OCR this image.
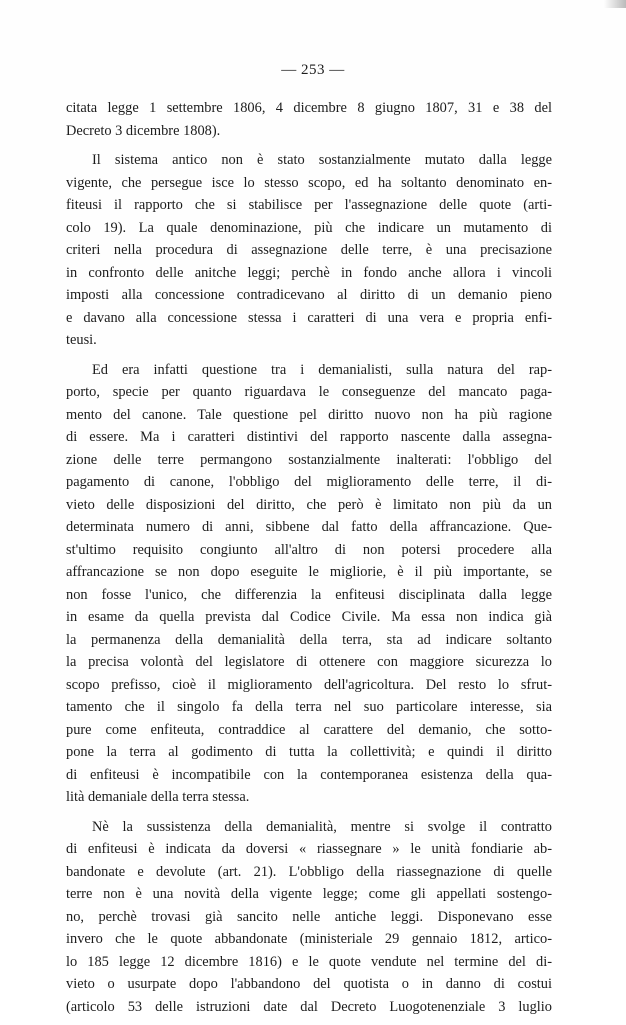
— 253 —
citata legge 1 settembre 1806, 4 dicembre 8 giugno 1807, 31 e 38 del
Decreto 3 dicembre 1808).
Il sistema antico non è stato sostanzialmente mutato dalla legge
vigente, che persegue isce lo stesso scopo, ed ha soltanto denominato en-
fiteusi il rapporto che si stabilisce per l'assegnazione delle quote (arti-
colo 19). La quale denominazione, più che indicare un mutamento di
criteri nella procedura di assegnazione delle terre, è una precisazione
in confronto delle anitche leggi; perchè in fondo anche allora i vincoli
imposti alla concessione contradicevano al diritto di un demanio pieno
e davano alla concessione stessa i caratteri di una vera e propria enfi-
teusi.
Ed era infatti questione tra i demanialisti, sulla natura del rap-
porto, specie per quanto riguardava le conseguenze del mancato paga-
mento del canone. Tale questione pel diritto nuovo non ha più ragione
di essere. Ma i caratteri distintivi del rapporto nascente dalla assegna-
zione delle terre permangono sostanzialmente inalterati: l'obbligo del
pagamento di canone, l'obbligo del miglioramento delle terre, il di-
vieto delle disposizioni del diritto, che però è limitato non più da un
determinata numero di anni, sibbene dal fatto della affrancazione. Que-
st'ultimo requisito congiunto all'altro di non potersi procedere alla
affrancazione se non dopo eseguite le migliorie, è il più importante, se
non fosse l'unico, che differenzia la enfiteusi disciplinata dalla legge
in esame da quella prevista dal Codice Civile. Ma essa non indica già
la permanenza della demanialità della terra, sta ad indicare soltanto
la precisa volontà del legislatore di ottenere con maggiore sicurezza lo
scopo prefisso, cioè il miglioramento dell'agricoltura. Del resto lo sfrut-
tamento che il singolo fa della terra nel suo particolare interesse, sia
pure come enfiteuta, contraddice al carattere del demanio, che sotto-
pone la terra al godimento di tutta la collettività; e quindi il diritto
di enfiteusi è incompatibile con la contemporanea esistenza della qua-
lità demaniale della terra stessa.
Nè la sussistenza della demanialità, mentre si svolge il contratto
di enfiteusi è indicata da doversi « riassegnare » le unità fondiarie ab-
bandonate e devolute (art. 21). L'obbligo della riassegnazione di quelle
terre non è una novità della vigente legge; come gli appellati sostengo-
no, perchè trovasi già sancito nelle antiche leggi. Disponevano esse
invero che le quote abbandonate (ministeriale 29 gennaio 1812, artico-
lo 185 legge 12 dicembre 1816) e le quote vendute nel termine del di-
vieto o usurpate dopo l'abbandono del quotista o in danno di costui
(articolo 53 delle istruzioni date dal Decreto Luogotenenziale 3 luglio
